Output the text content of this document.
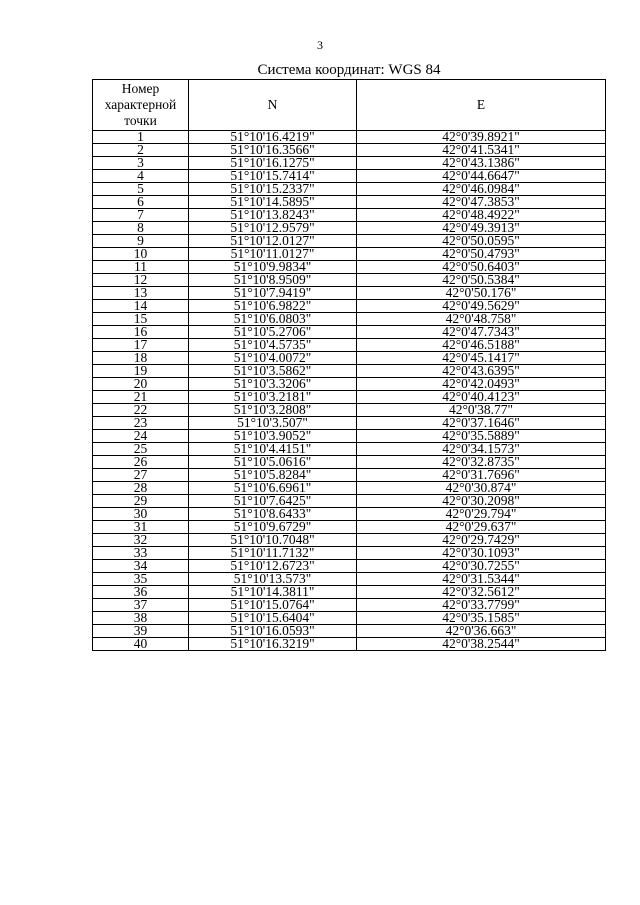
3
Система координат: WGS 84
Номер характерной точки	N	E
1	51°10'16.4219"	42°0'39.8921"
2	51°10'16.3566"	42°0'41.5341"
3	51°10'16.1275"	42°0'43.1386"
4	51°10'15.7414"	42°0'44.6647"
5	51°10'15.2337"	42°0'46.0984"
6	51°10'14.5895"	42°0'47.3853"
7	51°10'13.8243"	42°0'48.4922"
8	51°10'12.9579"	42°0'49.3913"
9	51°10'12.0127"	42°0'50.0595"
10	51°10'11.0127"	42°0'50.4793"
11	51°10'9.9834"	42°0'50.6403"
12	51°10'8.9509"	42°0'50.5384"
13	51°10'7.9419"	42°0'50.176"
14	51°10'6.9822"	42°0'49.5629"
15	51°10'6.0803"	42°0'48.758"
16	51°10'5.2706"	42°0'47.7343"
17	51°10'4.5735"	42°0'46.5188"
18	51°10'4.0072"	42°0'45.1417"
19	51°10'3.5862"	42°0'43.6395"
20	51°10'3.3206"	42°0'42.0493"
21	51°10'3.2181"	42°0'40.4123"
22	51°10'3.2808"	42°0'38.77"
23	51°10'3.507"	42°0'37.1646"
24	51°10'3.9052"	42°0'35.5889"
25	51°10'4.4151"	42°0'34.1573"
26	51°10'5.0616"	42°0'32.8735"
27	51°10'5.8284"	42°0'31.7696"
28	51°10'6.6961"	42°0'30.874"
29	51°10'7.6425"	42°0'30.2098"
30	51°10'8.6433"	42°0'29.794"
31	51°10'9.6729"	42°0'29.637"
32	51°10'10.7048"	42°0'29.7429"
33	51°10'11.7132"	42°0'30.1093"
34	51°10'12.6723"	42°0'30.7255"
35	51°10'13.573"	42°0'31.5344"
36	51°10'14.3811"	42°0'32.5612"
37	51°10'15.0764"	42°0'33.7799"
38	51°10'15.6404"	42°0'35.1585"
39	51°10'16.0593"	42°0'36.663"
40	51°10'16.3219"	42°0'38.2544"
